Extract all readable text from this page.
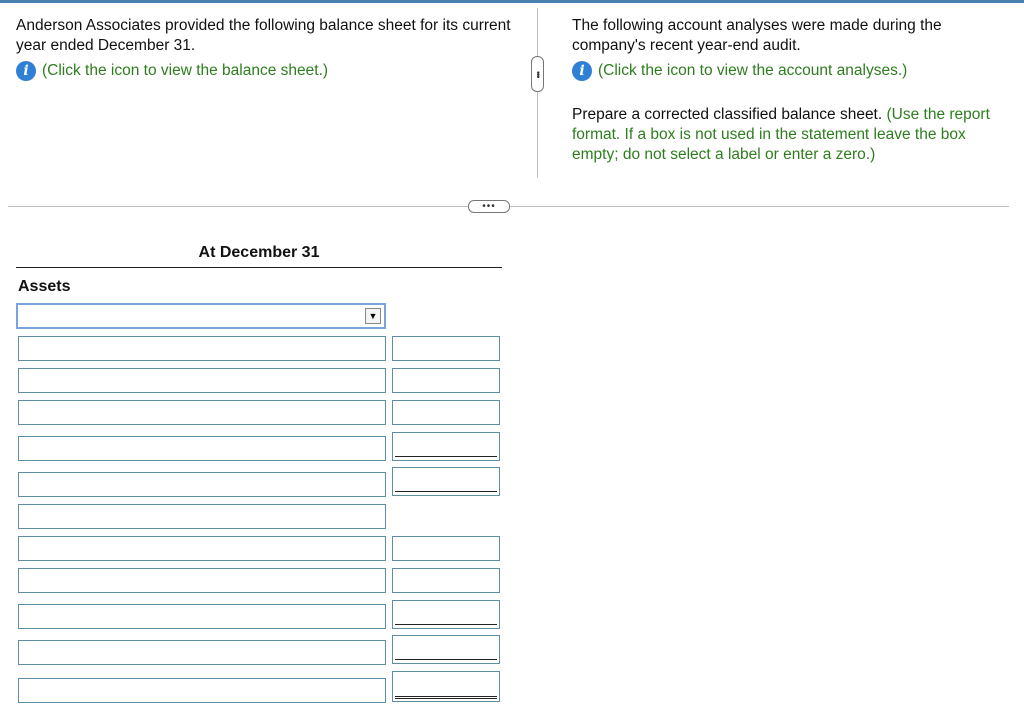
Anderson Associates provided the following balance sheet for its current year ended December 31.
i (Click the icon to view the balance sheet.)	•••
The following account analyses were made during the company's recent year-end audit.
i (Click the icon to view the account analyses.)
Prepare a corrected classified balance sheet. (Use the report format. If a box is not used in the statement leave the box empty; do not select a label or enter a zero.)
•••
At December 31
Assets
▼
